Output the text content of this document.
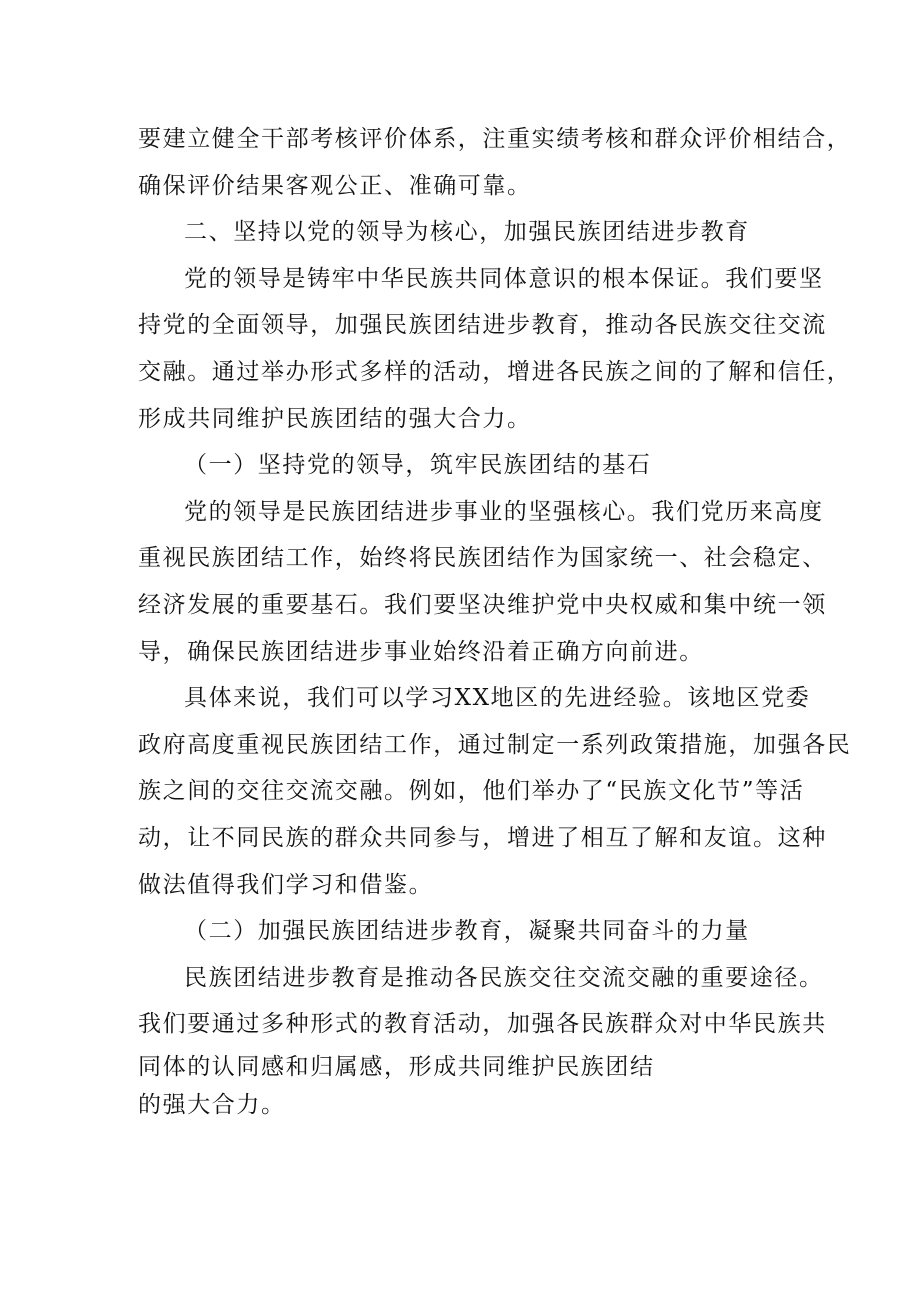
要建立健全干部考核评价体系，注重实绩考核和群众评价相结合，
确保评价结果客观公正、准确可靠。
二、坚持以党的领导为核心，加强民族团结进步教育
党的领导是铸牢中华民族共同体意识的根本保证。我们要坚
持党的全面领导，加强民族团结进步教育，推动各民族交往交流
交融。通过举办形式多样的活动，增进各民族之间的了解和信任，
形成共同维护民族团结的强大合力。
（一）坚持党的领导，筑牢民族团结的基石
党的领导是民族团结进步事业的坚强核心。我们党历来高度
重视民族团结工作，始终将民族团结作为国家统一、社会稳定、
经济发展的重要基石。我们要坚决维护党中央权威和集中统一领
导，确保民族团结进步事业始终沿着正确方向前进。
具体来说，我们可以学习XX地区的先进经验。该地区党委
政府高度重视民族团结工作，通过制定一系列政策措施，加强各民
族之间的交往交流交融。例如，他们举办了“民族文化节”等活
动，让不同民族的群众共同参与，增进了相互了解和友谊。这种
做法值得我们学习和借鉴。
（二）加强民族团结进步教育，凝聚共同奋斗的力量
民族团结进步教育是推动各民族交往交流交融的重要途径。
我们要通过多种形式的教育活动，加强各民族群众对中华民族共
同体的认同感和归属感，形成共同维护民族团结
的强大合力。
